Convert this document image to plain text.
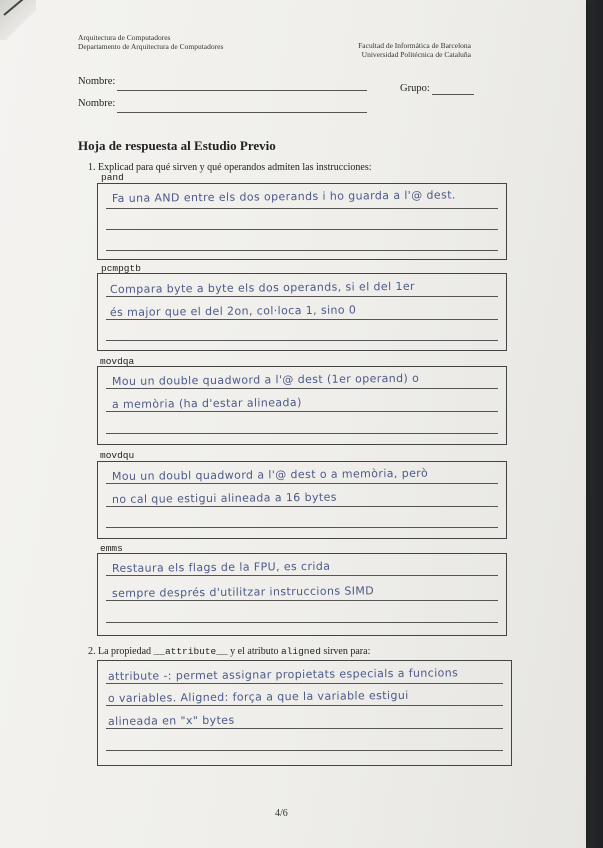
Arquitectura de Computadores
Departamento de Arquitectura de Computadores	Facultad de Informática de Barcelona
Universidad Politécnica de Cataluña
Nombre:
Grupo:
Nombre:
Hoja de respuesta al Estudio Previo
1. Explicad para qué sirven y qué operandos admiten las instrucciones:
pand
Fa una AND entre els dos operands i ho guarda a l'@ dest.
pcmpgtb
Compara byte a byte els dos operands, si el del 1er
és major que el del 2on, col·loca 1, sino 0
movdqa
Mou un double quadword a l'@ dest (1er operand) o
a memòria (ha d'estar alineada)
movdqu
Mou un doubl quadword a l'@ dest o a memòria, però
no cal que estigui alineada a 16 bytes
emms
Restaura els flags de la FPU, es crida
sempre després d'utilitzar instruccions SIMD
2. La propiedad __attribute__ y el atributo aligned sirven para:
attribute -: permet assignar propietats especials a funcions
o variables. Aligned: força a que la variable estigui
alineada en "x" bytes
4/6
